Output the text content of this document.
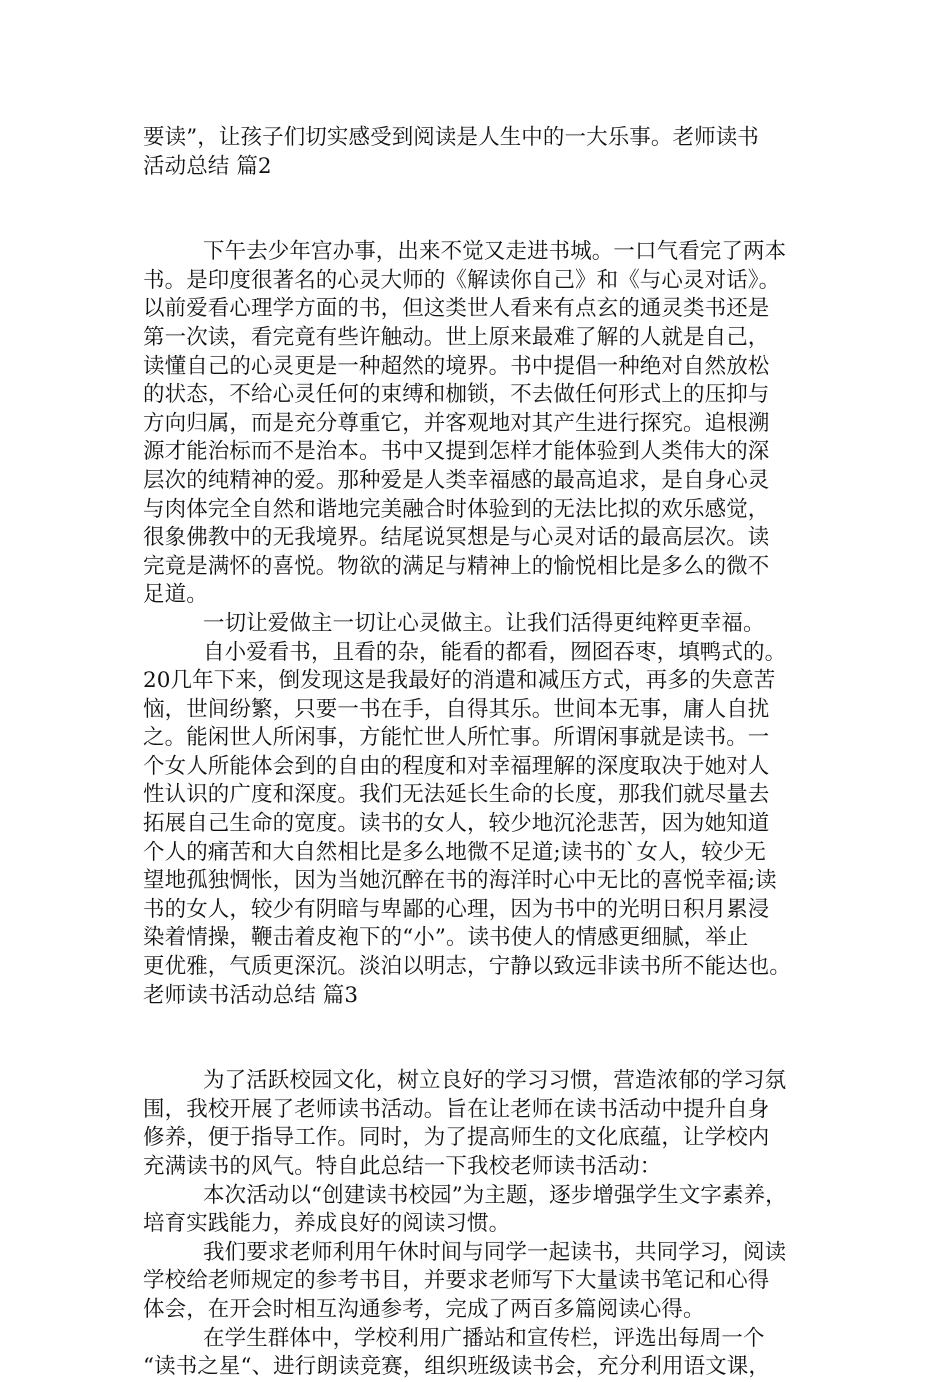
要读”，让孩子们切实感受到阅读是人生中的一大乐事。老师读书
活动总结 篇2
下午去少年宫办事，出来不觉又走进书城。一口气看完了两本
书。是印度很著名的心灵大师的《解读你自己》和《与心灵对话》。
以前爱看心理学方面的书，但这类世人看来有点玄的通灵类书还是
第一次读，看完竟有些许触动。世上原来最难了解的人就是自己，
读懂自己的心灵更是一种超然的境界。书中提倡一种绝对自然放松
的状态，不给心灵任何的束缚和枷锁，不去做任何形式上的压抑与
方向归属，而是充分尊重它，并客观地对其产生进行探究。追根溯
源才能治标而不是治本。书中又提到怎样才能体验到人类伟大的深
层次的纯精神的爱。那种爱是人类幸福感的最高追求，是自身心灵
与肉体完全自然和谐地完美融合时体验到的无法比拟的欢乐感觉，
很象佛教中的无我境界。结尾说冥想是与心灵对话的最高层次。读
完竟是满怀的喜悦。物欲的满足与精神上的愉悦相比是多么的微不
足道。
一切让爱做主一切让心灵做主。让我们活得更纯粹更幸福。
自小爱看书，且看的杂，能看的都看，囫囵吞枣，填鸭式的。
20几年下来，倒发现这是我最好的消遣和减压方式，再多的失意苦
恼，世间纷繁，只要一书在手，自得其乐。世间本无事，庸人自扰
之。能闲世人所闲事，方能忙世人所忙事。所谓闲事就是读书。一
个女人所能体会到的自由的程度和对幸福理解的深度取决于她对人
性认识的广度和深度。我们无法延长生命的长度，那我们就尽量去
拓展自己生命的宽度。读书的女人，较少地沉沦悲苦，因为她知道
个人的痛苦和大自然相比是多么地微不足道;读书的`女人，较少无
望地孤独惆怅，因为当她沉醉在书的海洋时心中无比的喜悦幸福;读
书的女人，较少有阴暗与卑鄙的心理，因为书中的光明日积月累浸
染着情操，鞭击着皮袍下的“小”。读书使人的情感更细腻，举止
更优雅，气质更深沉。淡泊以明志，宁静以致远非读书所不能达也。
老师读书活动总结 篇3
为了活跃校园文化，树立良好的学习习惯，营造浓郁的学习氛
围，我校开展了老师读书活动。旨在让老师在读书活动中提升自身
修养，便于指导工作。同时，为了提高师生的文化底蕴，让学校内
充满读书的风气。特自此总结一下我校老师读书活动：
本次活动以“创建读书校园”为主题，逐步增强学生文字素养，
培育实践能力，养成良好的阅读习惯。
我们要求老师利用午休时间与同学一起读书，共同学习，阅读
学校给老师规定的参考书目，并要求老师写下大量读书笔记和心得
体会，在开会时相互沟通参考，完成了两百多篇阅读心得。
在学生群体中，学校利用广播站和宣传栏，评选出每周一个
“读书之星“、进行朗读竞赛，组织班级读书会，充分利用语文课，
